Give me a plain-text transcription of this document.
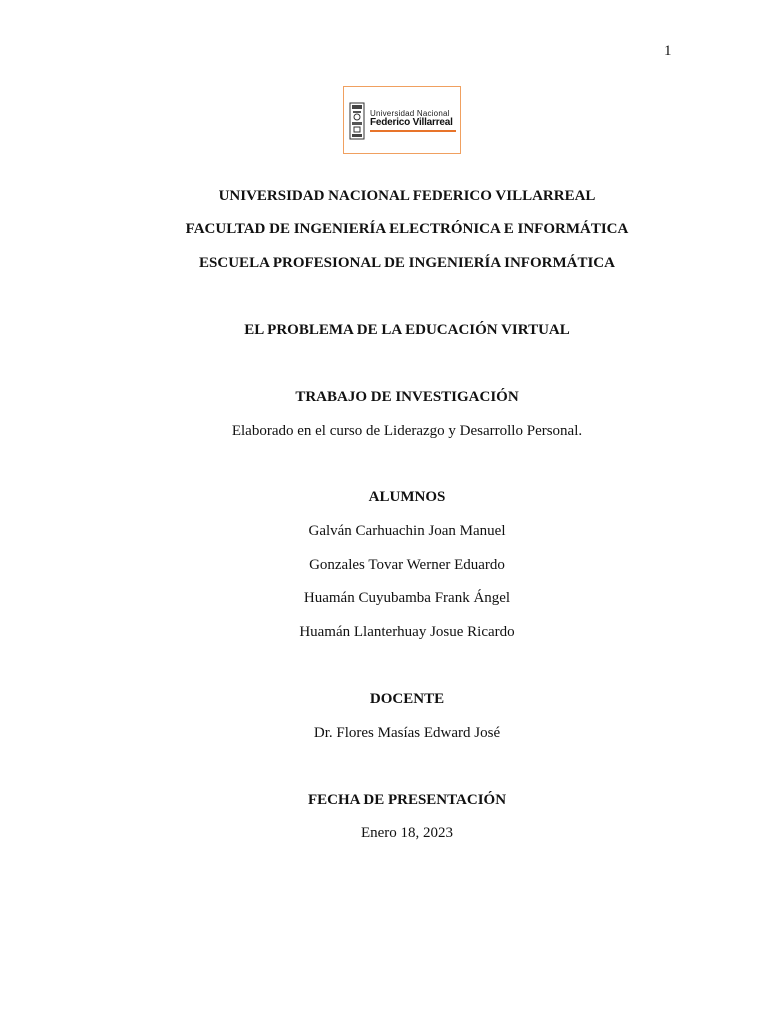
1
Universidad Nacional
Federico Villarreal
UNIVERSIDAD NACIONAL FEDERICO VILLARREAL
FACULTAD DE INGENIERÍA ELECTRÓNICA E INFORMÁTICA
ESCUELA PROFESIONAL DE INGENIERÍA INFORMÁTICA
EL PROBLEMA DE LA EDUCACIÓN VIRTUAL
TRABAJO DE INVESTIGACIÓN
Elaborado en el curso de Liderazgo y Desarrollo Personal.
ALUMNOS
Galván Carhuachin Joan Manuel
Gonzales Tovar Werner Eduardo
Huamán Cuyubamba Frank Ángel
Huamán Llanterhuay Josue Ricardo
DOCENTE
Dr. Flores Masías Edward José
FECHA DE PRESENTACIÓN
Enero 18, 2023
